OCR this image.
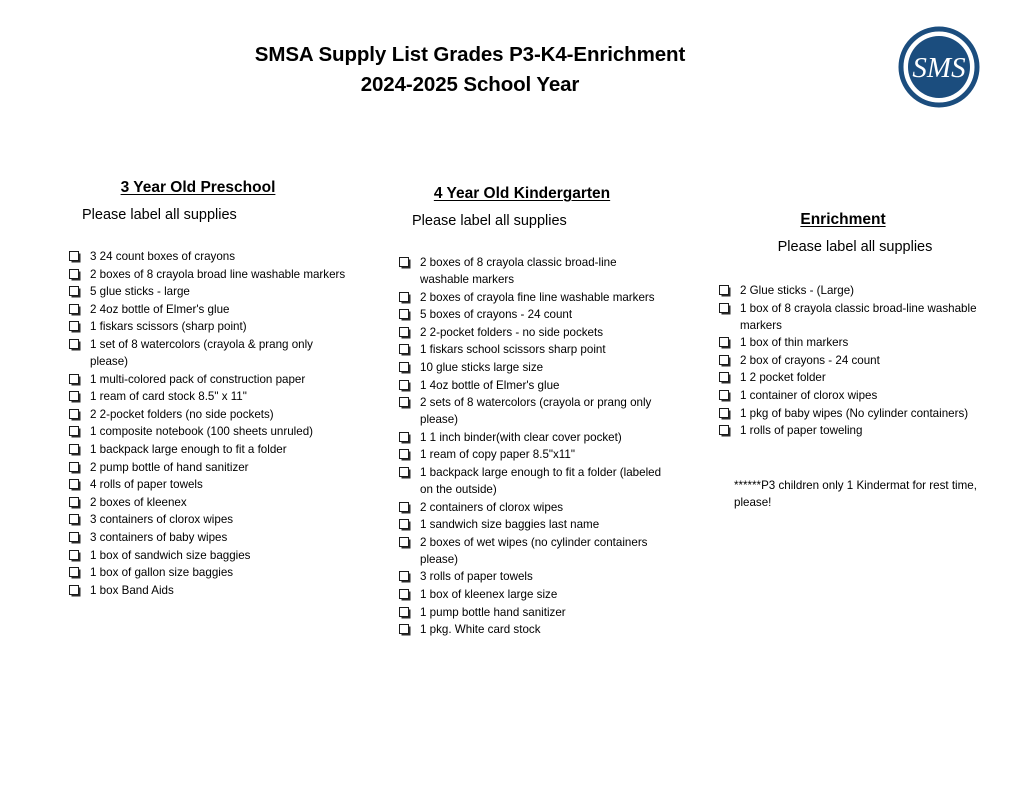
SMSA Supply List Grades P3-K4-Enrichment
2024-2025 School Year
SMS
3 Year Old Preschool
Please label all supplies
3 24 count boxes of crayons
2 boxes of 8 crayola broad line washable markers
5 glue sticks - large
2 4oz bottle of Elmer's glue
1 fiskars scissors (sharp point)
1 set of 8 watercolors (crayola & prang only please)
1 multi-colored pack of construction paper
1 ream of card stock 8.5" x 11"
2 2-pocket folders (no side pockets)
1 composite notebook (100 sheets unruled)
1 backpack large enough to fit a folder
2 pump bottle of hand sanitizer
4 rolls of paper towels
2 boxes of kleenex
3 containers of clorox wipes
3 containers of baby wipes
1 box of sandwich size baggies
1 box of gallon size baggies
1 box Band Aids
4 Year Old Kindergarten
Please label all supplies
2 boxes of 8 crayola classic broad-line washable markers
2 boxes of crayola fine line washable markers
5 boxes of crayons - 24 count
2 2-pocket folders - no side pockets
1 fiskars school scissors sharp point
10 glue sticks large size
1 4oz bottle of Elmer's glue
2 sets of 8 watercolors (crayola or prang only please)
1 1 inch binder(with clear cover pocket)
1 ream of copy paper 8.5"x11"
1 backpack large enough to fit a folder (labeled on the outside)
2 containers of clorox wipes
1 sandwich size baggies last name
2 boxes of wet wipes (no cylinder containers please)
3 rolls of paper towels
1 box of kleenex large size
1 pump bottle hand sanitizer
1 pkg. White card stock
Enrichment
Please label all supplies
2 Glue sticks - (Large)
1 box of 8 crayola classic broad-line washable markers
1 box of thin markers
2 box of crayons - 24 count
1 2 pocket folder
1 container of clorox wipes
1 pkg of baby wipes (No cylinder containers)
1 rolls of paper toweling
******P3 children only 1 Kindermat for rest time, please!
